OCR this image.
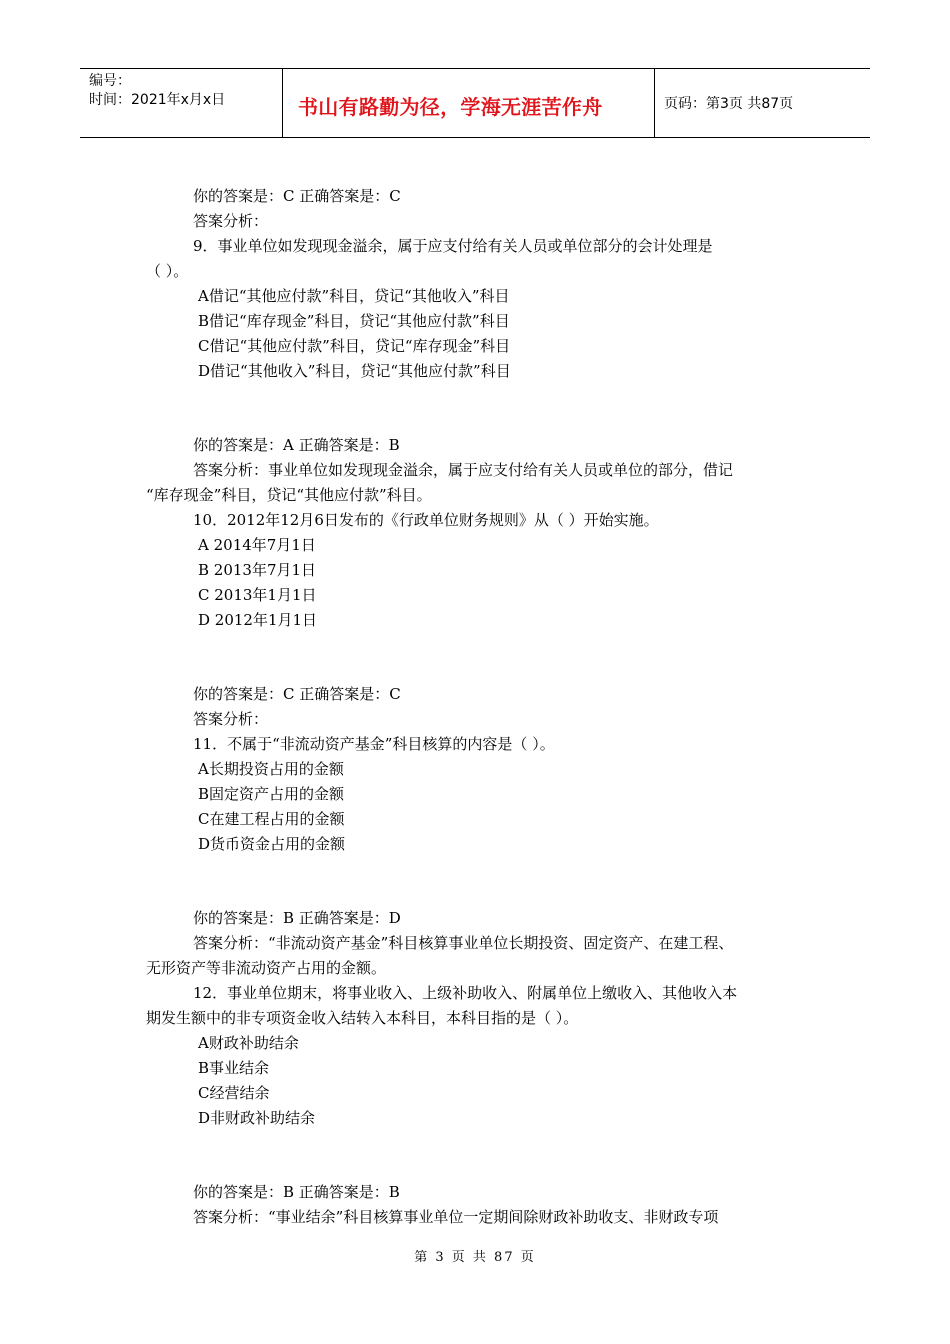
编号：
时间：2021年x月x日	书山有路勤为径，学海无涯苦作舟	页码：第3页 共87页
你的答案是：C 正确答案是：C
答案分析：
9．事业单位如发现现金溢余，属于应支付给有关人员或单位部分的会计处理是
（ ）。
A借记“其他应付款”科目，贷记“其他收入”科目
B借记“库存现金”科目，贷记“其他应付款”科目
C借记“其他应付款”科目，贷记“库存现金”科目
D借记“其他收入”科目，贷记“其他应付款”科目
你的答案是：A 正确答案是：B
答案分析：事业单位如发现现金溢余，属于应支付给有关人员或单位的部分，借记
“库存现金”科目，贷记“其他应付款”科目。
10．2012年12月6日发布的《行政单位财务规则》从（ ）开始实施。
A 2014年7月1日
B 2013年7月1日
C 2013年1月1日
D 2012年1月1日
你的答案是：C 正确答案是：C
答案分析：
11．不属于“非流动资产基金”科目核算的内容是（ ）。
A长期投资占用的金额
B固定资产占用的金额
C在建工程占用的金额
D货币资金占用的金额
你的答案是：B 正确答案是：D
答案分析：“非流动资产基金”科目核算事业单位长期投资、固定资产、在建工程、
无形资产等非流动资产占用的金额。
12．事业单位期末，将事业收入、上级补助收入、附属单位上缴收入、其他收入本
期发生额中的非专项资金收入结转入本科目，本科目指的是（ ）。
A财政补助结余
B事业结余
C经营结余
D非财政补助结余
你的答案是：B 正确答案是：B
答案分析：“事业结余”科目核算事业单位一定期间除财政补助收支、非财政专项
第 3 页 共 87 页
